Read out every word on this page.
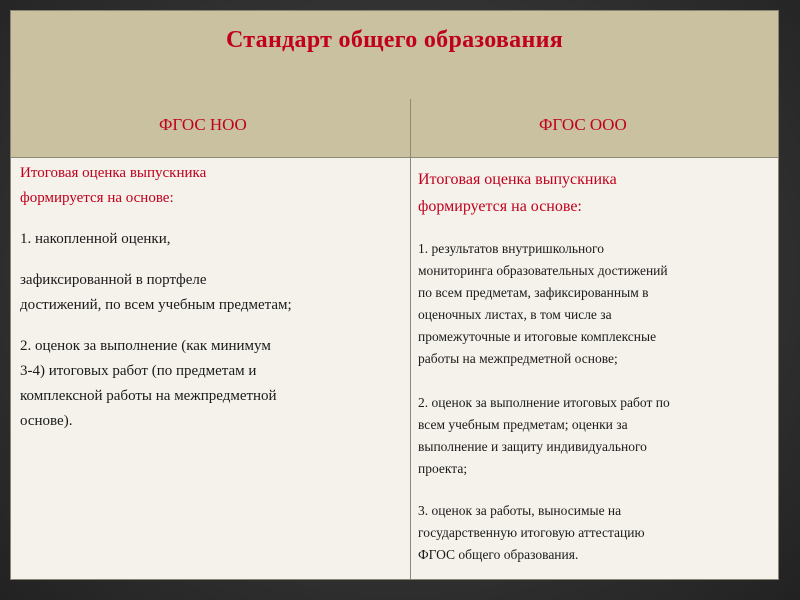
Стандарт общего образования
ФГОС НОО	ФГОС ООО

Итоговая оценка выпускника

формируется на основе:

1. накопленной оценки,

зафиксированной в портфеле

достижений, по всем учебным предметам;

2. оценок за выполнение (как минимум

3-4) итоговых работ (по предметам и

комплексной работы на межпредметной

основе).

Итоговая оценка выпускника

формируется на основе:

1. результатов внутришкольного

мониторинга образовательных достижений

по всем предметам, зафиксированным в

оценочных листах, в том числе за

промежуточные и итоговые комплексные

работы на межпредметной основе;

2. оценок за выполнение итоговых работ по

всем учебным предметам; оценки за

выполнение и защиту индивидуального

проекта;

3. оценок за работы, выносимые на

государственную итоговую аттестацию

ФГОС общего образования.
